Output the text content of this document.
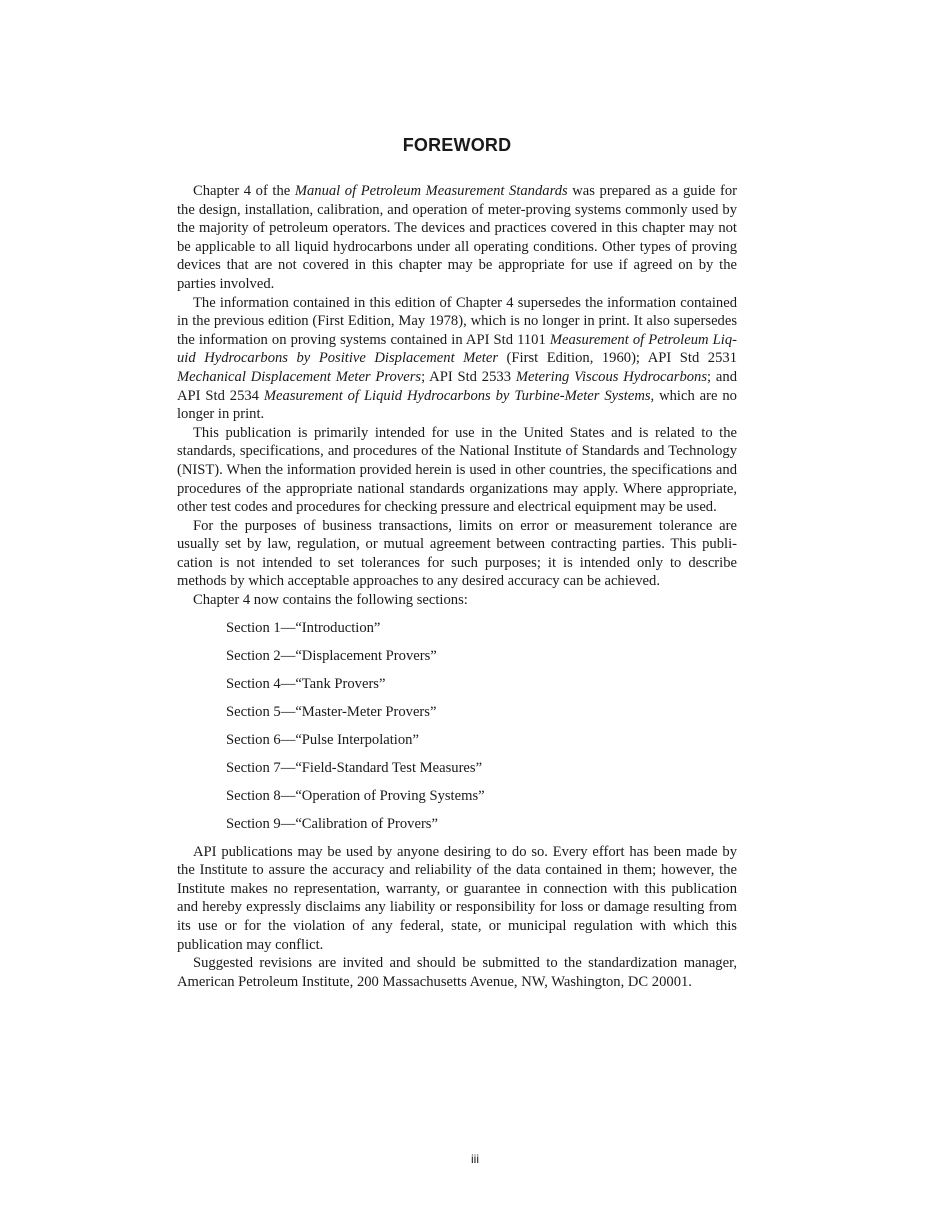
FOREWORD

Chapter 4 of the Manual of Petroleum Measurement Standards was prepared as a guide for the design, installation, calibration, and operation of meter-proving systems commonly used by the majority of petroleum operators. The devices and practices covered in this chapter may not be applicable to all liquid hydrocarbons under all operating conditions. Other types of proving devices that are not covered in this chapter may be appropriate for use if agreed on by the parties involved.

The information contained in this edition of Chapter 4 supersedes the information contained in the previous edition (First Edition, May 1978), which is no longer in print. It also supersedes the information on proving systems contained in API Std 1101 Measurement of Petroleum Liquid Hydrocarbons by Positive Displacement Meter (First Edition, 1960); API Std 2531 Mechanical Displacement Meter Provers; API Std 2533 Metering Viscous Hydrocarbons; and API Std 2534 Measurement of Liquid Hydrocarbons by Turbine-Meter Systems, which are no longer in print.

This publication is primarily intended for use in the United States and is related to the standards, specifications, and procedures of the National Institute of Standards and Technology (NIST). When the information provided herein is used in other countries, the specifications and procedures of the appropriate national standards organizations may apply. Where appropriate, other test codes and procedures for checking pressure and electrical equipment may be used.

For the purposes of business transactions, limits on error or measurement tolerance are usually set by law, regulation, or mutual agreement between contracting parties. This publication is not intended to set tolerances for such purposes; it is intended only to describe methods by which acceptable approaches to any desired accuracy can be achieved.

Chapter 4 now contains the following sections:

Section 1—“Introduction”
Section 2—“Displacement Provers”
Section 4—“Tank Provers”
Section 5—“Master-Meter Provers”
Section 6—“Pulse Interpolation”
Section 7—“Field-Standard Test Measures”
Section 8—“Operation of Proving Systems”
Section 9—“Calibration of Provers”

API publications may be used by anyone desiring to do so. Every effort has been made by the Institute to assure the accuracy and reliability of the data contained in them; however, the Institute makes no representation, warranty, or guarantee in connection with this publication and hereby expressly disclaims any liability or responsibility for loss or damage resulting from its use or for the violation of any federal, state, or municipal regulation with which this publication may conflict.

Suggested revisions are invited and should be submitted to the standardization manager, American Petroleum Institute, 200 Massachusetts Avenue, NW, Washington, DC 20001.

iii
